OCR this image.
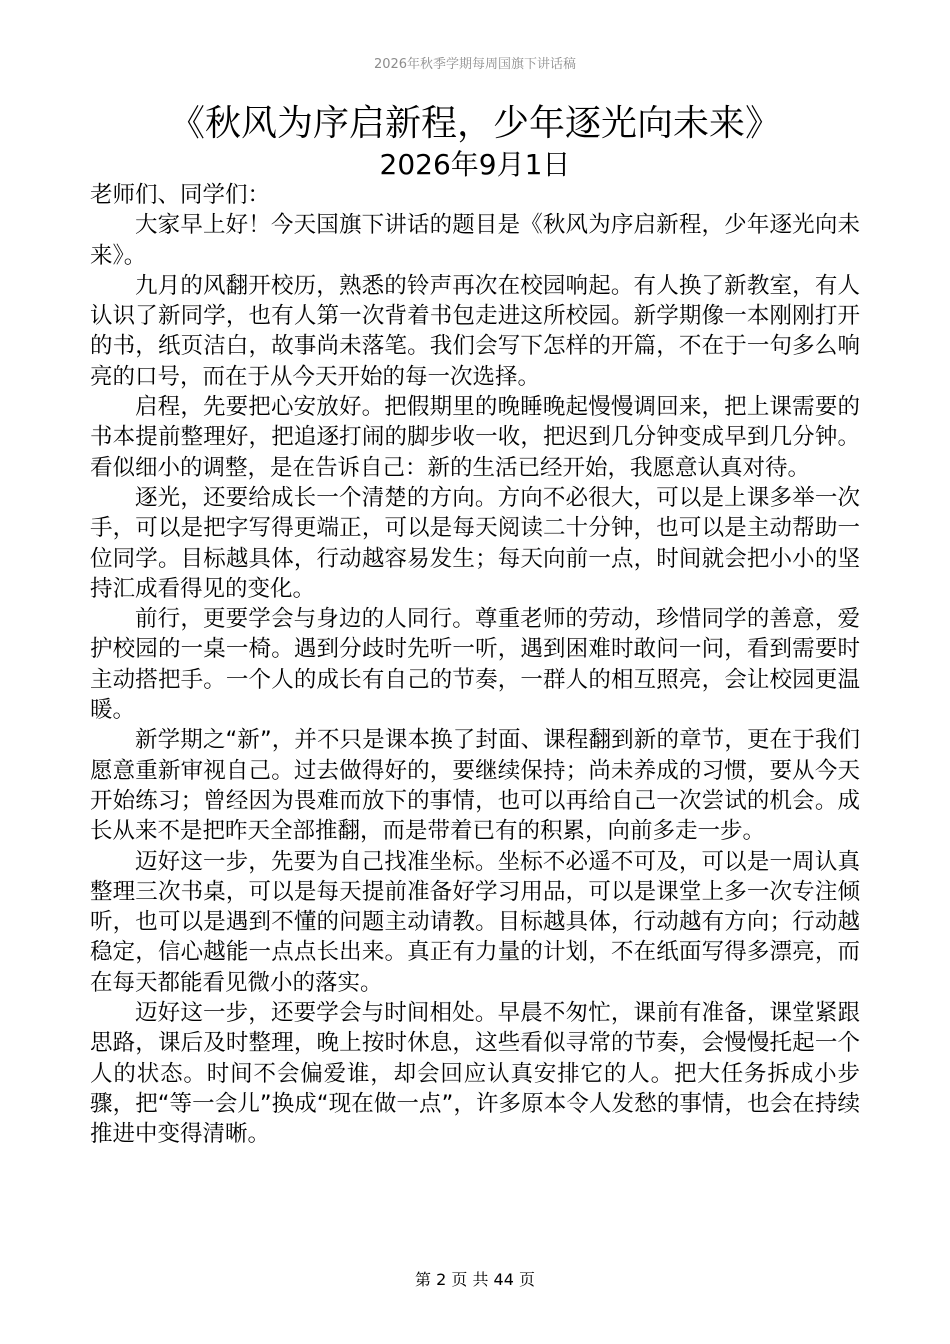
2026年秋季学期每周国旗下讲话稿
《秋风为序启新程，少年逐光向未来》
2026年9月1日

老师们、同学们：

大家早上好！今天国旗下讲话的题目是《秋风为序启新程，少年逐光向未来》。

九月的风翻开校历，熟悉的铃声再次在校园响起。有人换了新教室，有人认识了新同学，也有人第一次背着书包走进这所校园。新学期像一本刚刚打开的书，纸页洁白，故事尚未落笔。我们会写下怎样的开篇，不在于一句多么响亮的口号，而在于从今天开始的每一次选择。

启程，先要把心安放好。把假期里的晚睡晚起慢慢调回来，把上课需要的书本提前整理好，把追逐打闹的脚步收一收，把迟到几分钟变成早到几分钟。看似细小的调整，是在告诉自己：新的生活已经开始，我愿意认真对待。

逐光，还要给成长一个清楚的方向。方向不必很大，可以是上课多举一次手，可以是把字写得更端正，可以是每天阅读二十分钟，也可以是主动帮助一位同学。目标越具体，行动越容易发生；每天向前一点，时间就会把小小的坚持汇成看得见的变化。

前行，更要学会与身边的人同行。尊重老师的劳动，珍惜同学的善意，爱护校园的一桌一椅。遇到分歧时先听一听，遇到困难时敢问一问，看到需要时主动搭把手。一个人的成长有自己的节奏，一群人的相互照亮，会让校园更温暖。

新学期之“新”，并不只是课本换了封面、课程翻到新的章节，更在于我们愿意重新审视自己。过去做得好的，要继续保持；尚未养成的习惯，要从今天开始练习；曾经因为畏难而放下的事情，也可以再给自己一次尝试的机会。成长从来不是把昨天全部推翻，而是带着已有的积累，向前多走一步。

迈好这一步，先要为自己找准坐标。坐标不必遥不可及，可以是一周认真整理三次书桌，可以是每天提前准备好学习用品，可以是课堂上多一次专注倾听，也可以是遇到不懂的问题主动请教。目标越具体，行动越有方向；行动越稳定，信心越能一点点长出来。真正有力量的计划，不在纸面写得多漂亮，而在每天都能看见微小的落实。

迈好这一步，还要学会与时间相处。早晨不匆忙，课前有准备，课堂紧跟思路，课后及时整理，晚上按时休息，这些看似寻常的节奏，会慢慢托起一个人的状态。时间不会偏爱谁，却会回应认真安排它的人。把大任务拆成小步骤，把“等一会儿”换成“现在做一点”，许多原本令人发愁的事情，也会在持续推进中变得清晰。

第 2 页 共 44 页
